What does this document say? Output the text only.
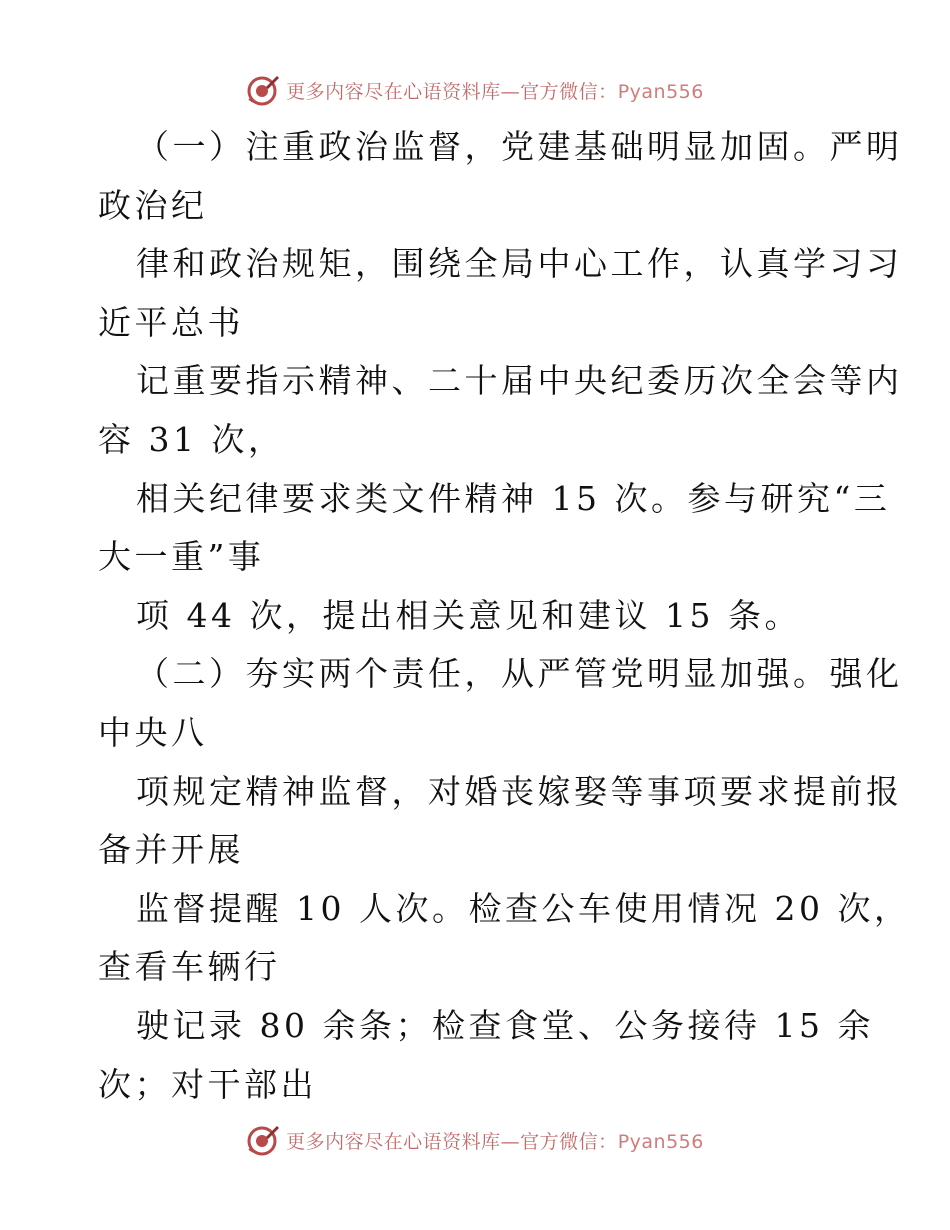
更多内容尽在心语资料库—官方微信：Pyan556
（一）注重政治监督，党建基础明显加固。严明
政治纪
律和政治规矩，围绕全局中心工作，认真学习习
近平总书
记重要指示精神、二十届中央纪委历次全会等内
容 31 次，
相关纪律要求类文件精神 15 次。参与研究“三
大一重”事
项 44 次，提出相关意见和建议 15 条。
（二）夯实两个责任，从严管党明显加强。强化
中央八
项规定精神监督，对婚丧嫁娶等事项要求提前报
备并开展
监督提醒 10 人次。检查公车使用情况 20 次，
查看车辆行
驶记录 80 余条；检查食堂、公务接待 15 余
次；对干部出
更多内容尽在心语资料库—官方微信：Pyan556
